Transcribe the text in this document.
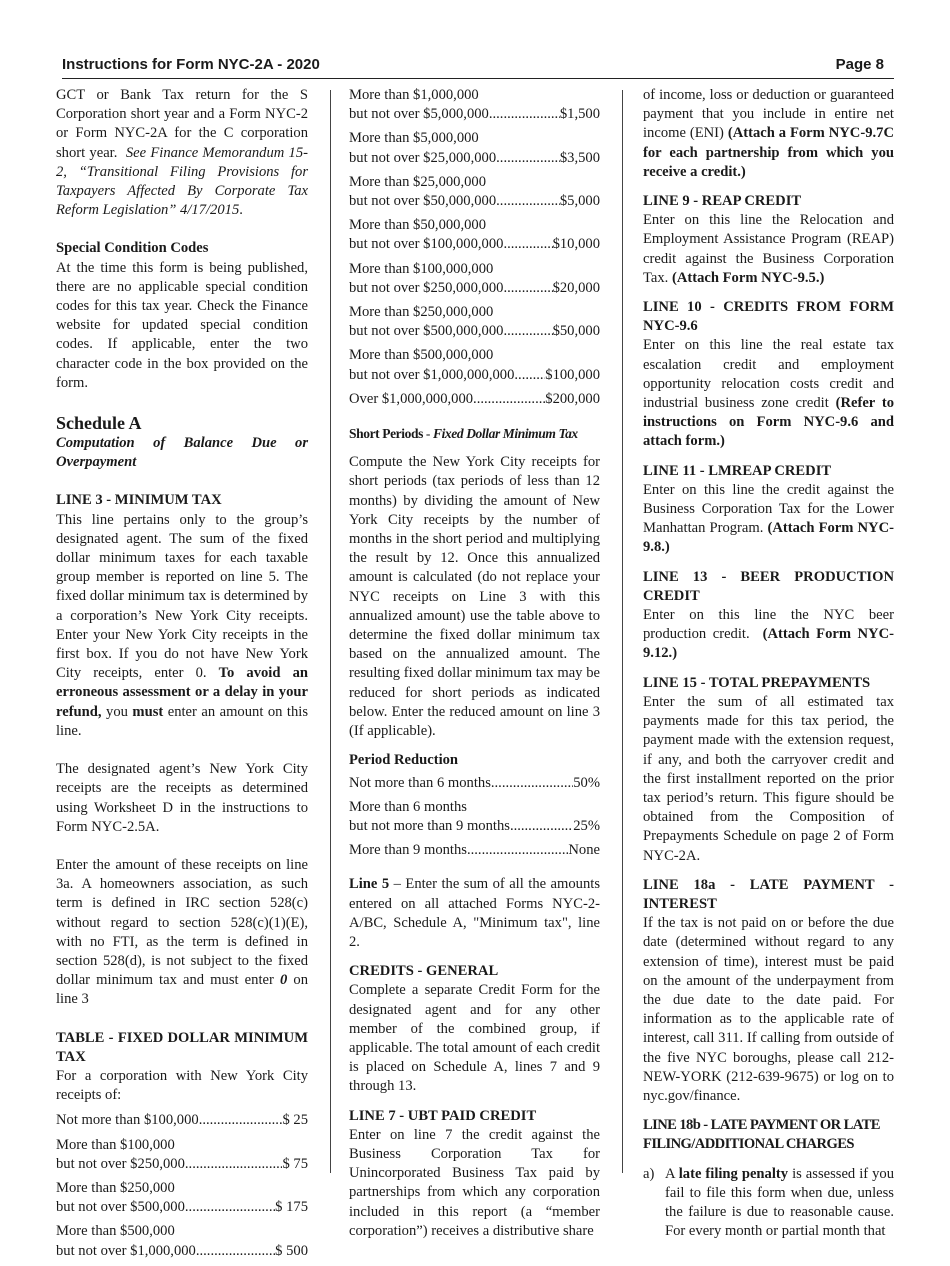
Instructions for Form NYC-2A - 2020	Page 8

GCT or Bank Tax return for the S Corporation short year and a Form NYC-2 or Form NYC-2A for the C corporation short year. See Finance Memorandum 15-2, “Transitional Filing Provisions for Taxpayers Affected By Corporate Tax Reform Legislation” 4/17/2015.

Special Condition Codes

At the time this form is being published, there are no applicable special condition codes for this tax year. Check the Finance website for updated special condition codes. If applicable, enter the two character code in the box provided on the form.

Schedule A

Computation of Balance Due or Overpayment

LINE 3 - MINIMUM TAX

This line pertains only to the group’s designated agent. The sum of the fixed dollar minimum taxes for each taxable group member is reported on line 5. The fixed dollar minimum tax is determined by a corporation’s New York City receipts. Enter your New York City receipts in the first box. If you do not have New York City receipts, enter 0. To avoid an erroneous assessment or a delay in your refund, you must enter an amount on this line.

The designated agent’s New York City receipts are the receipts as determined using Worksheet D in the instructions to Form NYC-2.5A.

Enter the amount of these receipts on line 3a. A homeowners association, as such term is defined in IRC section 528(c) without regard to section 528(c)(1)(E), with no FTI, as the term is defined in section 528(d), is not subject to the fixed dollar minimum tax and must enter 0 on line 3

TABLE - FIXED DOLLAR MINIMUM TAX

For a corporation with New York City receipts of:

Not more than $100,000 .....	$ 25
More than $100,000
but not over $250,000 .....	$ 75
More than $250,000
but not over $500,000 .....	$ 175
More than $500,000
but not over $1,000,000 .....	$ 500
More than $1,000,000
but not over $5,000,000 .....	$1,500
More than $5,000,000
but not over $25,000,000 .....	$3,500
More than $25,000,000
but not over $50,000,000 .....	$5,000
More than $50,000,000
but not over $100,000,000 .....	$10,000
More than $100,000,000
but not over $250,000,000 .....	$20,000
More than $250,000,000
but not over $500,000,000 .....	$50,000
More than $500,000,000
but not over $1,000,000,000 ..... $100,000
Over $1,000,000,000 .....	$200,000

Short Periods - Fixed Dollar Minimum Tax

Compute the New York City receipts for short periods (tax periods of less than 12 months) by dividing the amount of New York City receipts by the number of months in the short period and multiplying the result by 12. Once this annualized amount is calculated (do not replace your NYC receipts on Line 3 with this annualized amount) use the table above to determine the fixed dollar minimum tax based on the annualized amount. The resulting fixed dollar minimum tax may be reduced for short periods as indicated below. Enter the reduced amount on line 3 (If applicable).

Period Reduction

Not more than 6 months .....	50%
More than 6 months
but not more than 9 months .....	25%
More than 9 months .....	None

Line 5 – Enter the sum of all the amounts entered on all attached Forms NYC-2-A/BC, Schedule A, "Minimum tax", line 2.

CREDITS - GENERAL

Complete a separate Credit Form for the designated agent and for any other member of the combined group, if applicable. The total amount of each credit is placed on Schedule A, lines 7 and 9 through 13.

LINE 7 - UBT PAID CREDIT

Enter on line 7 the credit against the Business Corporation Tax for Unincorporated Business Tax paid by partnerships from which any corporation included in this report (a “member corporation”) receives a distributive share

of income, loss or deduction or guaranteed payment that you include in entire net income (ENI) (Attach a Form NYC-9.7C for each partnership from which you receive a credit.)

LINE 9 - REAP CREDIT

Enter on this line the Relocation and Employment Assistance Program (REAP) credit against the Business Corporation Tax. (Attach Form NYC-9.5.)

LINE 10 - CREDITS FROM FORM NYC-9.6

Enter on this line the real estate tax escalation credit and employment opportunity relocation costs credit and industrial business zone credit (Refer to instructions on Form NYC-9.6 and attach form.)

LINE 11 - LMREAP CREDIT

Enter on this line the credit against the Business Corporation Tax for the Lower Manhattan Program. (Attach Form NYC-9.8.)

LINE 13 - BEER PRODUCTION CREDIT

Enter on this line the NYC beer production credit. (Attach Form NYC-9.12.)

LINE 15 - TOTAL PREPAYMENTS

Enter the sum of all estimated tax payments made for this tax period, the payment made with the extension request, if any, and both the carryover credit and the first installment reported on the prior tax period’s return. This figure should be obtained from the Composition of Prepayments Schedule on page 2 of Form NYC-2A.

LINE 18a - LATE PAYMENT - INTEREST

If the tax is not paid on or before the due date (determined without regard to any extension of time), interest must be paid on the amount of the underpayment from the due date to the date paid. For information as to the applicable rate of interest, call 311. If calling from outside of the five NYC boroughs, please call 212-NEW-YORK (212-639-9675) or log on to nyc.gov/finance.

LINE 18b - LATE PAYMENT OR LATE FILING/ADDITIONAL CHARGES

a) A late filing penalty is assessed if you fail to file this form when due, unless the failure is due to reasonable cause. For every month or partial month that
